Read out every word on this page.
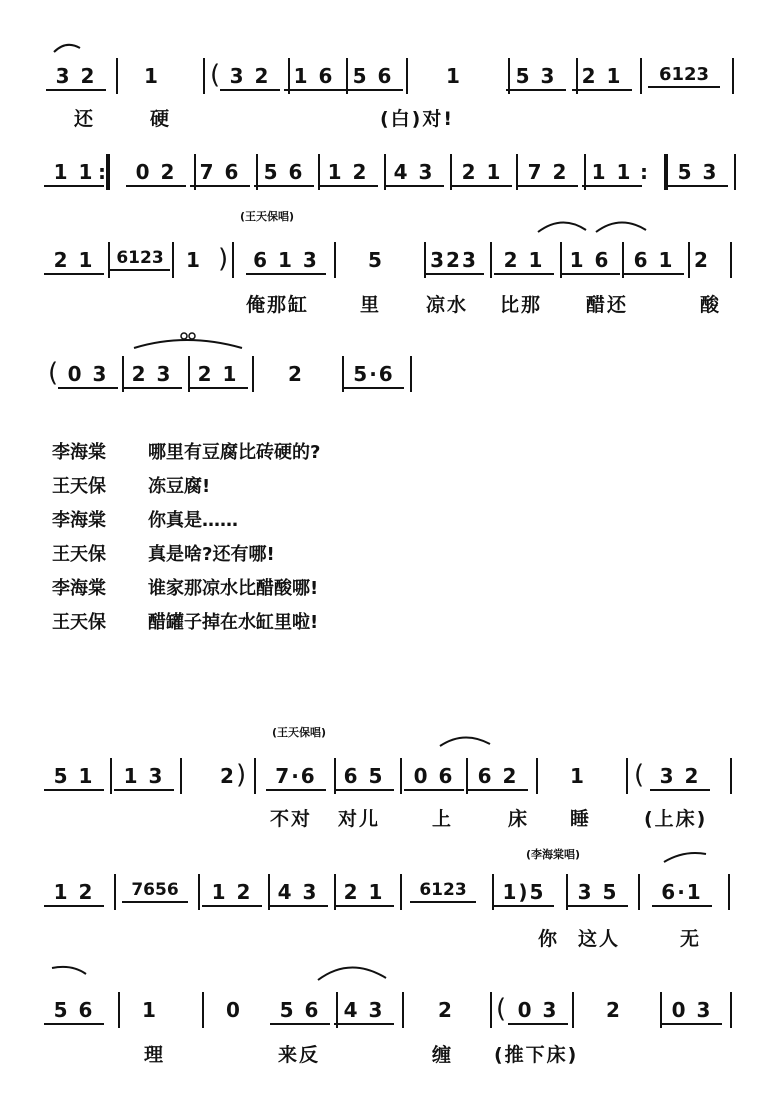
3 2	1	( 3 2	1 6 5 6	1	5 3	2 1	6123
还	硬	(白)对!
1 1 :	0 2	7 6	5 6	1 2	4 3	2 1	7 2	1 1 :	5 3
(王天保唱)
2 1	6123	1 )	6 1 3	5	323	2 1	1 6	6 1 2
俺那缸	里 凉水 比那 醋还	酸
( 0 3	2 3	2 1	2	5·6
李海棠 哪里有豆腐比砖硬的?
王天保 冻豆腐!
李海棠 你真是……
王天保 真是啥?还有哪!
李海棠 谁家那凉水比醋酸哪!
王天保 醋罐子掉在水缸里啦!
(王天保唱)
5 1	1 3	2 )	7·6	6 5	0 6	6 2	1	( 3 2
不对 对儿	上	床 睡	(上床)
(李海棠唱)
1 2	7656	1 2	4 3	2 1	6123	1)5	3 5	6·1
你 这人	无
5 6	1	0	5 6	4 3	2	( 0 3	2	0 3
理	来反	缠 (推下床)
